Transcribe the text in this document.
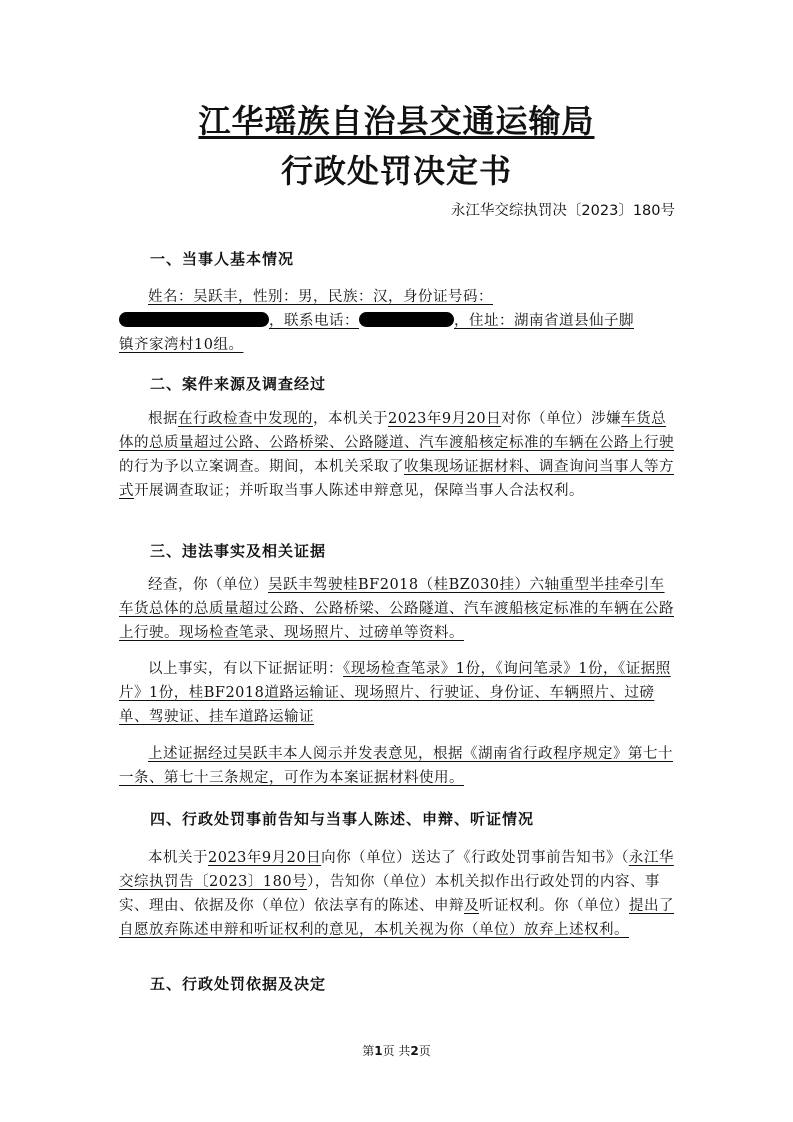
江华瑶族自治县交通运输局
行政处罚决定书
永江华交综执罚决〔2023〕180号
一、当事人基本情况
姓名：吴跃丰，性别：男，民族：汉，身份证号码：
，联系电话：	，住址：湖南省道县仙子脚
镇齐家湾村10组。
二、案件来源及调查经过
根据在行政检查中发现的，本机关于2023年9月20日对你（单位）涉嫌车货总体的总质量超过公路、公路桥梁、公路隧道、汽车渡船核定标准的车辆在公路上行驶的行为予以立案调查。期间，本机关采取了收集现场证据材料、调查询问当事人等方式开展调查取证；并听取当事人陈述申辩意见，保障当事人合法权利。
三、违法事实及相关证据
经查，你（单位）吴跃丰驾驶桂BF2018（桂BZ030挂）六轴重型半挂牵引车车货总体的总质量超过公路、公路桥梁、公路隧道、汽车渡船核定标准的车辆在公路上行驶。现场检查笔录、现场照片、过磅单等资料。
以上事实，有以下证据证明：《现场检查笔录》1份，《询问笔录》1份，《证据照片》1份，桂BF2018道路运输证、现场照片、行驶证、身份证、车辆照片、过磅单、驾驶证、挂车道路运输证
上述证据经过吴跃丰本人阅示并发表意见，根据《湖南省行政程序规定》第七十一条、第七十三条规定，可作为本案证据材料使用。
四、行政处罚事前告知与当事人陈述、申辩、听证情况
本机关于2023年9月20日向你（单位）送达了《行政处罚事前告知书》（永江华交综执罚告〔2023〕180号），告知你（单位）本机关拟作出行政处罚的内容、事实、理由、依据及你（单位）依法享有的陈述、申辩及听证权利。你（单位）提出了自愿放弃陈述申辩和听证权利的意见，本机关视为你（单位）放弃上述权利。
五、行政处罚依据及决定
第1页 共2页
